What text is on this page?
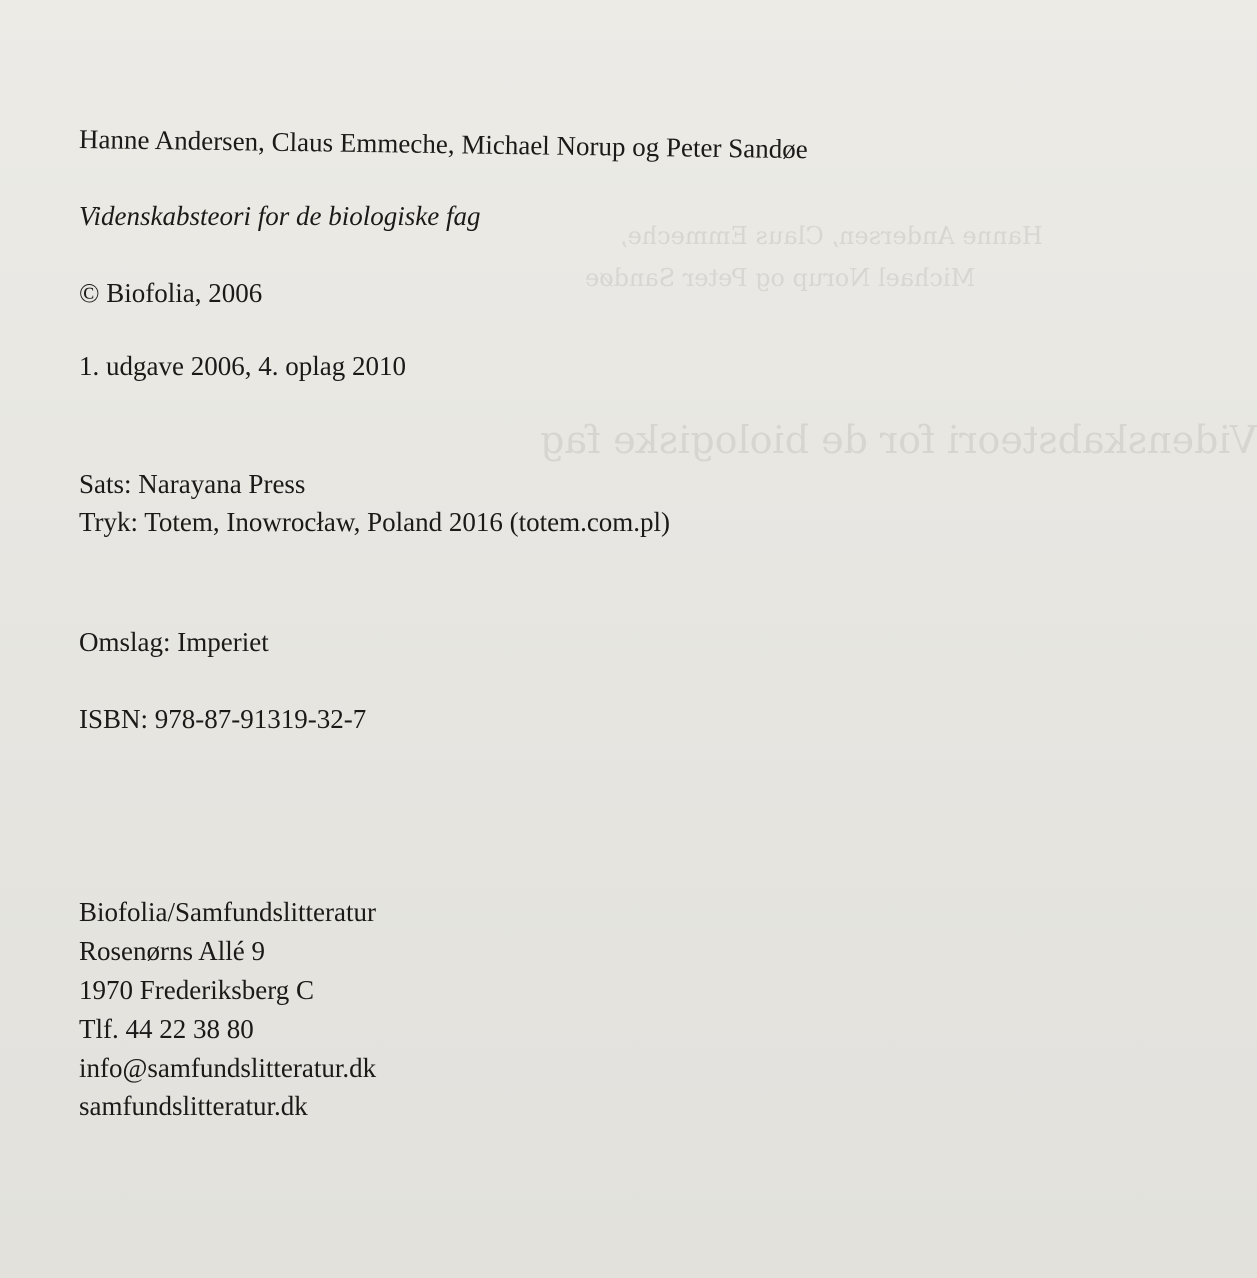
Hanne Andersen, Claus Emmeche,
Michael Norup og Peter Sandøe
Videnskabsteori for de biologiske fag
Hanne Andersen, Claus Emmeche, Michael Norup og Peter Sandøe
Videnskabsteori for de biologiske fag
© Biofolia, 2006
1. udgave 2006, 4. oplag 2010
Sats: Narayana Press
Tryk: Totem, Inowrocław, Poland 2016 (totem.com.pl)
Omslag: Imperiet
ISBN: 978-87-91319-32-7
Biofolia/Samfundslitteratur
Rosenørns Allé 9
1970 Frederiksberg C
Tlf. 44 22 38 80
info@samfundslitteratur.dk
samfundslitteratur.dk
